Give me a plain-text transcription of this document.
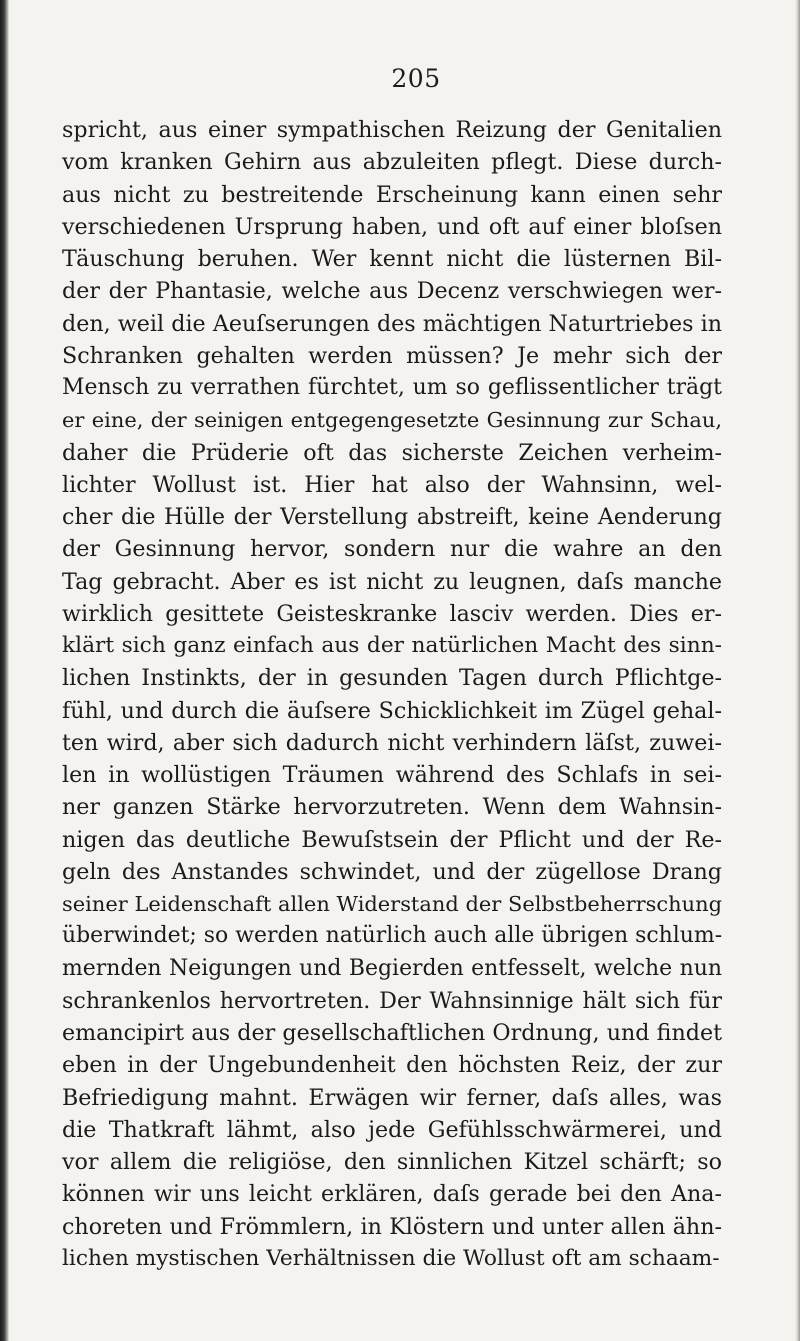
205
spricht, aus einer sympathischen Reizung der Genitalien
vom kranken Gehirn aus abzuleiten pflegt. Diese durch-
aus nicht zu bestreitende Erscheinung kann einen sehr
verschiedenen Ursprung haben, und oft auf einer bloſsen
Täuschung beruhen. Wer kennt nicht die lüsternen Bil-
der der Phantasie, welche aus Decenz verschwiegen wer-
den, weil die Aeuſserungen des mächtigen Naturtriebes in
Schranken gehalten werden müssen? Je mehr sich der
Mensch zu verrathen fürchtet, um so geflissentlicher trägt
er eine, der seinigen entgegengesetzte Gesinnung zur Schau,
daher die Prüderie oft das sicherste Zeichen verheim-
lichter Wollust ist. Hier hat also der Wahnsinn, wel-
cher die Hülle der Verstellung abstreift, keine Aenderung
der Gesinnung hervor, sondern nur die wahre an den
Tag gebracht. Aber es ist nicht zu leugnen, daſs manche
wirklich gesittete Geisteskranke lasciv werden. Dies er-
klärt sich ganz einfach aus der natürlichen Macht des sinn-
lichen Instinkts, der in gesunden Tagen durch Pflichtge-
fühl, und durch die äuſsere Schicklichkeit im Zügel gehal-
ten wird, aber sich dadurch nicht verhindern läſst, zuwei-
len in wollüstigen Träumen während des Schlafs in sei-
ner ganzen Stärke hervorzutreten. Wenn dem Wahnsin-
nigen das deutliche Bewuſstsein der Pflicht und der Re-
geln des Anstandes schwindet, und der zügellose Drang
seiner Leidenschaft allen Widerstand der Selbstbeherrschung
überwindet; so werden natürlich auch alle übrigen schlum-
mernden Neigungen und Begierden entfesselt, welche nun
schrankenlos hervortreten. Der Wahnsinnige hält sich für
emancipirt aus der gesellschaftlichen Ordnung, und findet
eben in der Ungebundenheit den höchsten Reiz, der zur
Befriedigung mahnt. Erwägen wir ferner, daſs alles, was
die Thatkraft lähmt, also jede Gefühlsschwärmerei, und
vor allem die religiöse, den sinnlichen Kitzel schärft; so
können wir uns leicht erklären, daſs gerade bei den Ana-
choreten und Frömmlern, in Klöstern und unter allen ähn-
lichen mystischen Verhältnissen die Wollust oft am schaam-
